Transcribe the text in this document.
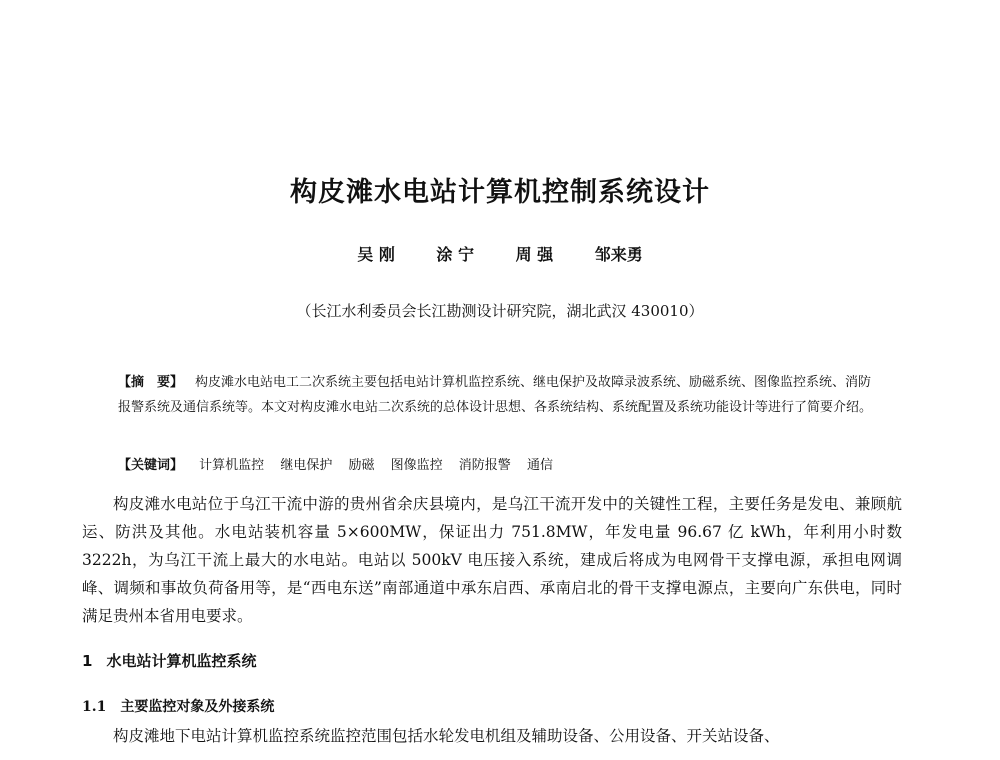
构皮滩水电站计算机控制系统设计
吴 刚	涂 宁	周 强	邹来勇
（长江水利委员会长江勘测设计研究院，湖北武汉 430010）
【摘　要】 构皮滩水电站电工二次系统主要包括电站计算机监控系统、继电保护及故障录波系统、励磁系统、图像监控系统、消防报警系统及通信系统等。本文对构皮滩水电站二次系统的总体设计思想、各系统结构、系统配置及系统功能设计等进行了简要介绍。
【关键词】 计算机监控 继电保护 励磁 图像监控 消防报警 通信
构皮滩水电站位于乌江干流中游的贵州省余庆县境内，是乌江干流开发中的关键性工程，主要任务是发电、兼顾航运、防洪及其他。水电站装机容量 5×600MW，保证出力 751.8MW，年发电量 96.67 亿 kWh，年利用小时数 3222h，为乌江干流上最大的水电站。电站以 500kV 电压接入系统，建成后将成为电网骨干支撑电源，承担电网调峰、调频和事故负荷备用等，是“西电东送”南部通道中承东启西、承南启北的骨干支撑电源点，主要向广东供电，同时满足贵州本省用电要求。
1 水电站计算机监控系统
1.1 主要监控对象及外接系统
构皮滩地下电站计算机监控系统监控范围包括水轮发电机组及辅助设备、公用设备、开关站设备、
